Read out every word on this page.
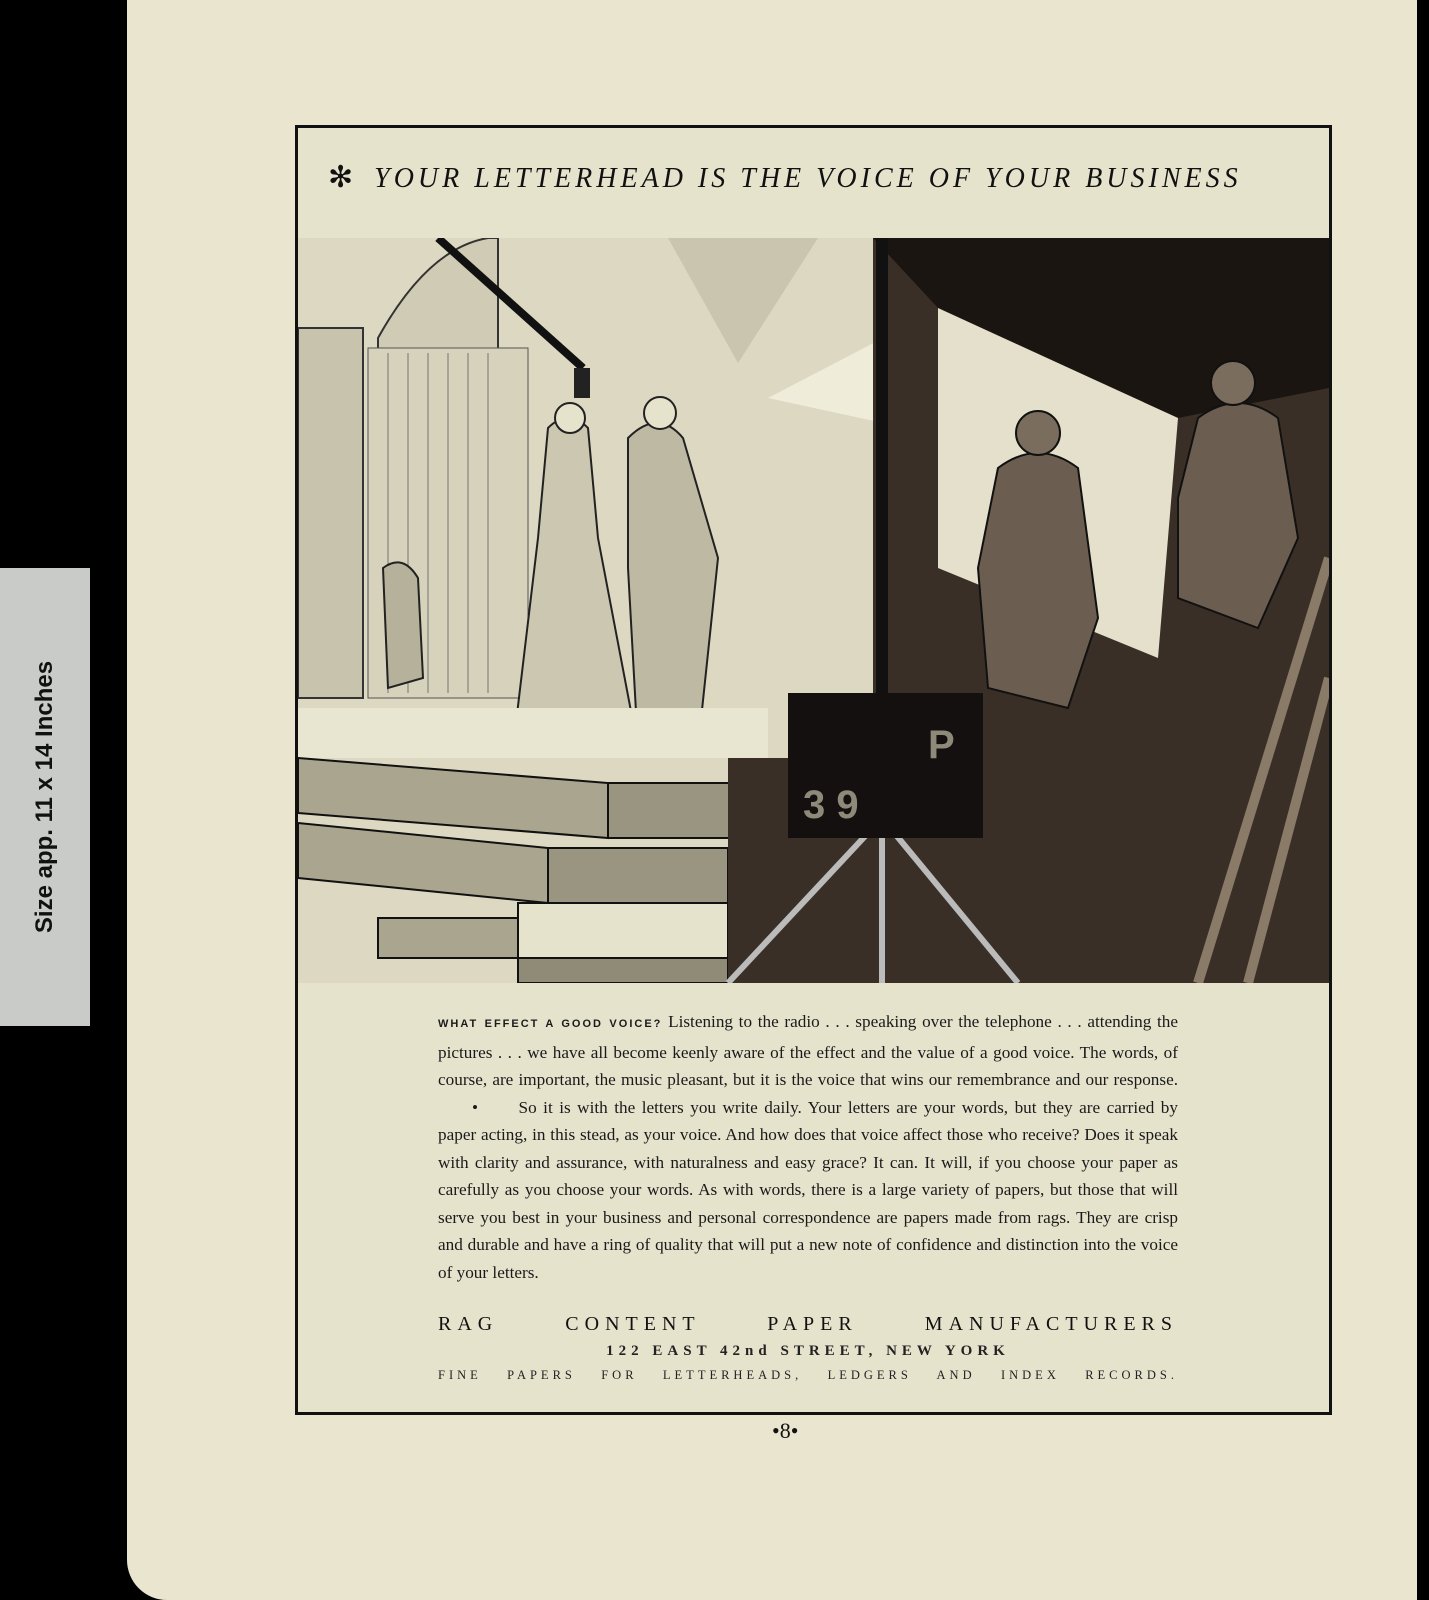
Size app. 11 x 14 Inches
✻ YOUR LETTERHEAD IS THE VOICE OF YOUR BUSINESS
3 9
P
WHAT EFFECT A GOOD VOICE? Listening to the radio . . . speaking over the telephone . . . attending the pictures . . . we have all become keenly aware of the effect and the value of a good voice. The words, of course, are important, the music pleasant, but it is the voice that wins our remembrance and our response. • So it is with the letters you write daily. Your letters are your words, but they are carried by paper acting, in this stead, as your voice. And how does that voice affect those who receive? Does it speak with clarity and assurance, with naturalness and easy grace? It can. It will, if you choose your paper as carefully as you choose your words. As with words, there is a large variety of papers, but those that will serve you best in your business and personal correspondence are papers made from rags. They are crisp and durable and have a ring of quality that will put a new note of confidence and distinction into the voice of your letters.
RAG CONTENT PAPER MANUFACTURERS
122 EAST 42nd STREET, NEW YORK
FINE PAPERS FOR LETTERHEADS, LEDGERS AND INDEX RECORDS.
•8•
